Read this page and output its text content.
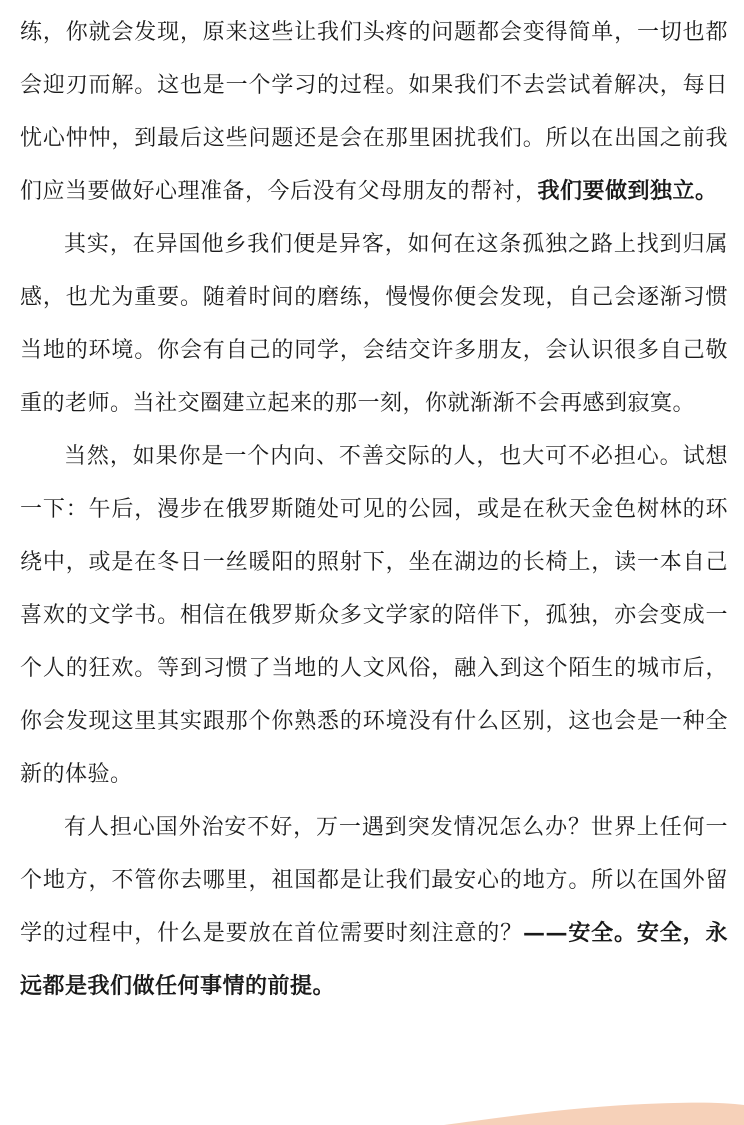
练，你就会发现，原来这些让我们头疼的问题都会变得简单，一切也都会迎刃而解。这也是一个学习的过程。如果我们不去尝试着解决，每日忧心忡忡，到最后这些问题还是会在那里困扰我们。所以在出国之前我们应当要做好心理准备，今后没有父母朋友的帮衬，我们要做到独立。

其实，在异国他乡我们便是异客，如何在这条孤独之路上找到归属感，也尤为重要。随着时间的磨练，慢慢你便会发现，自己会逐渐习惯当地的环境。你会有自己的同学，会结交许多朋友，会认识很多自己敬重的老师。当社交圈建立起来的那一刻，你就渐渐不会再感到寂寞。

当然，如果你是一个内向、不善交际的人，也大可不必担心。试想一下：午后，漫步在俄罗斯随处可见的公园，或是在秋天金色树林的环绕中，或是在冬日一丝暖阳的照射下，坐在湖边的长椅上，读一本自己喜欢的文学书。相信在俄罗斯众多文学家的陪伴下，孤独，亦会变成一个人的狂欢。等到习惯了当地的人文风俗，融入到这个陌生的城市后，你会发现这里其实跟那个你熟悉的环境没有什么区别，这也会是一种全新的体验。

有人担心国外治安不好，万一遇到突发情况怎么办？世界上任何一个地方，不管你去哪里，祖国都是让我们最安心的地方。所以在国外留学的过程中，什么是要放在首位需要时刻注意的？——安全。安全，永远都是我们做任何事情的前提。
